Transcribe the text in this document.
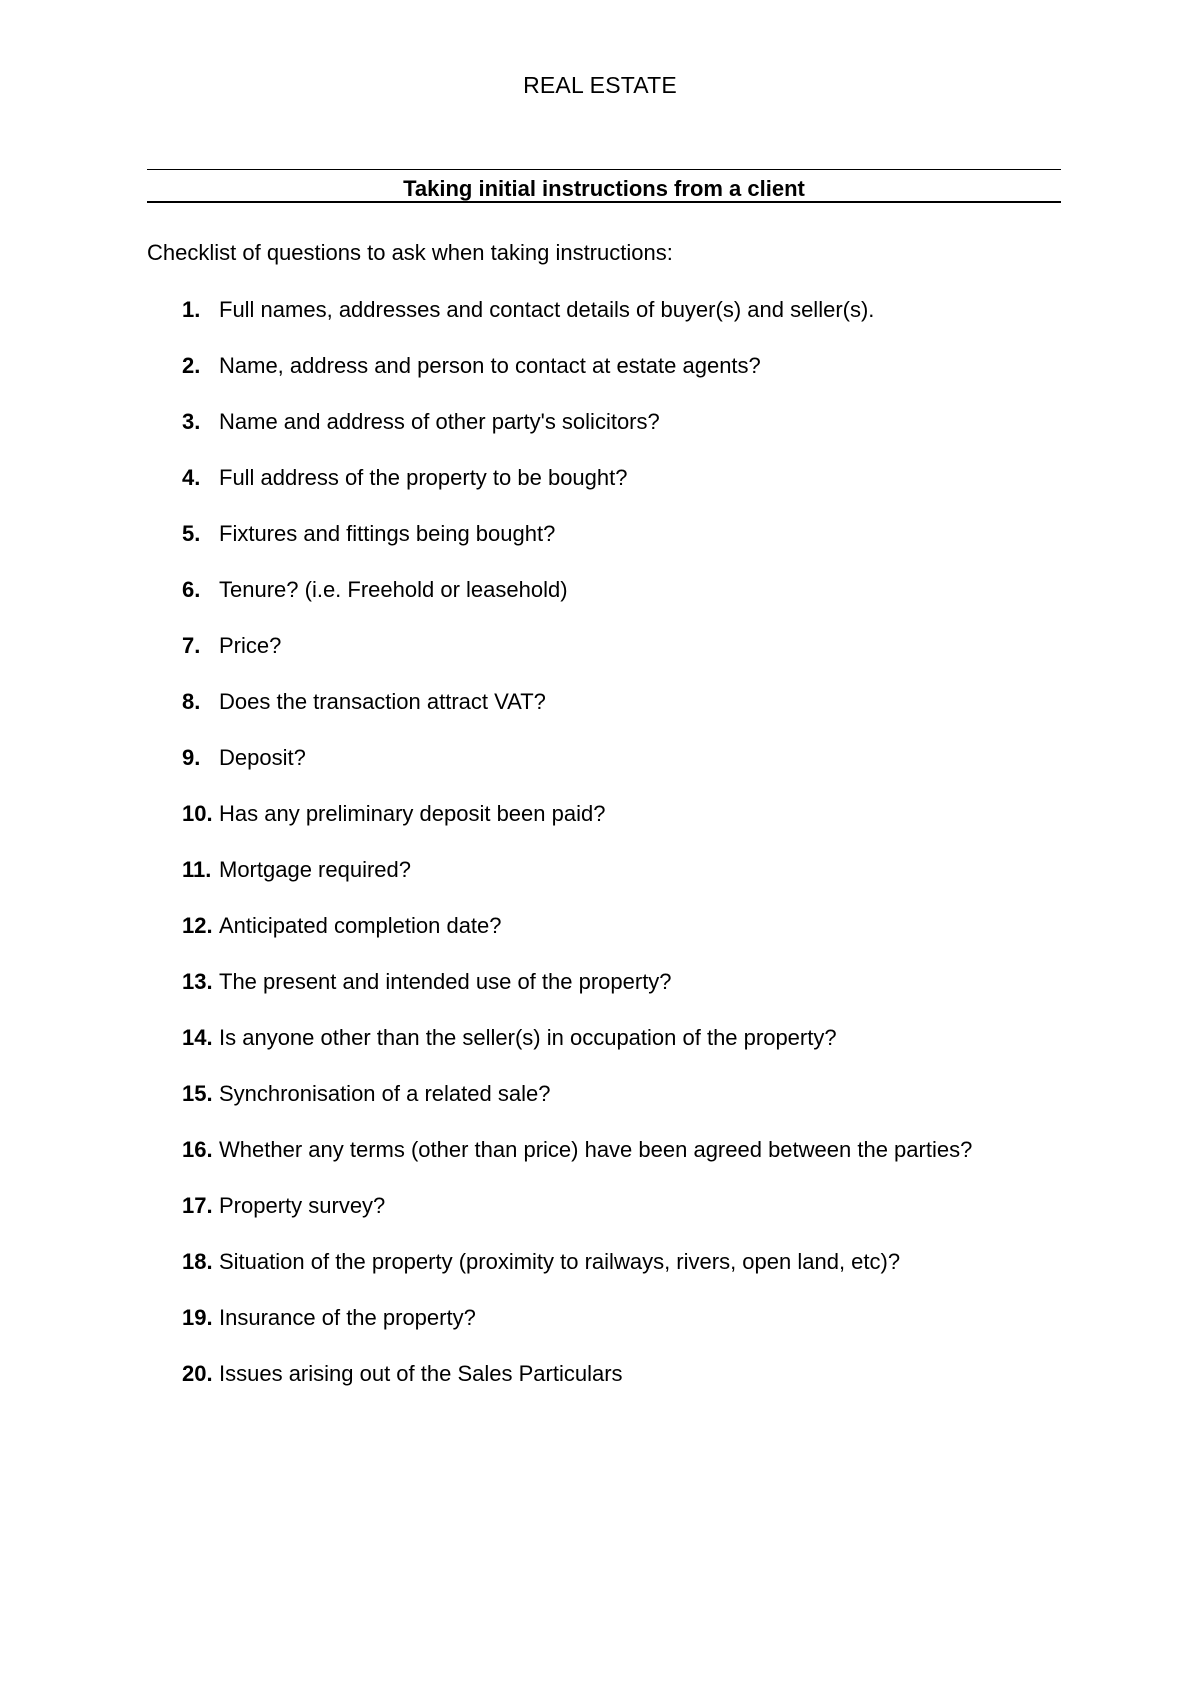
REAL ESTATE
Taking initial instructions from a client
Checklist of questions to ask when taking instructions:
1. Full names, addresses and contact details of buyer(s) and seller(s).
2. Name, address and person to contact at estate agents?
3. Name and address of other party's solicitors?
4. Full address of the property to be bought?
5. Fixtures and fittings being bought?
6. Tenure? (i.e. Freehold or leasehold)
7. Price?
8. Does the transaction attract VAT?
9. Deposit?
10. Has any preliminary deposit been paid?
11. Mortgage required?
12. Anticipated completion date?
13. The present and intended use of the property?
14. Is anyone other than the seller(s) in occupation of the property?
15. Synchronisation of a related sale?
16. Whether any terms (other than price) have been agreed between the parties?
17. Property survey?
18. Situation of the property (proximity to railways, rivers, open land, etc)?
19. Insurance of the property?
20. Issues arising out of the Sales Particulars
